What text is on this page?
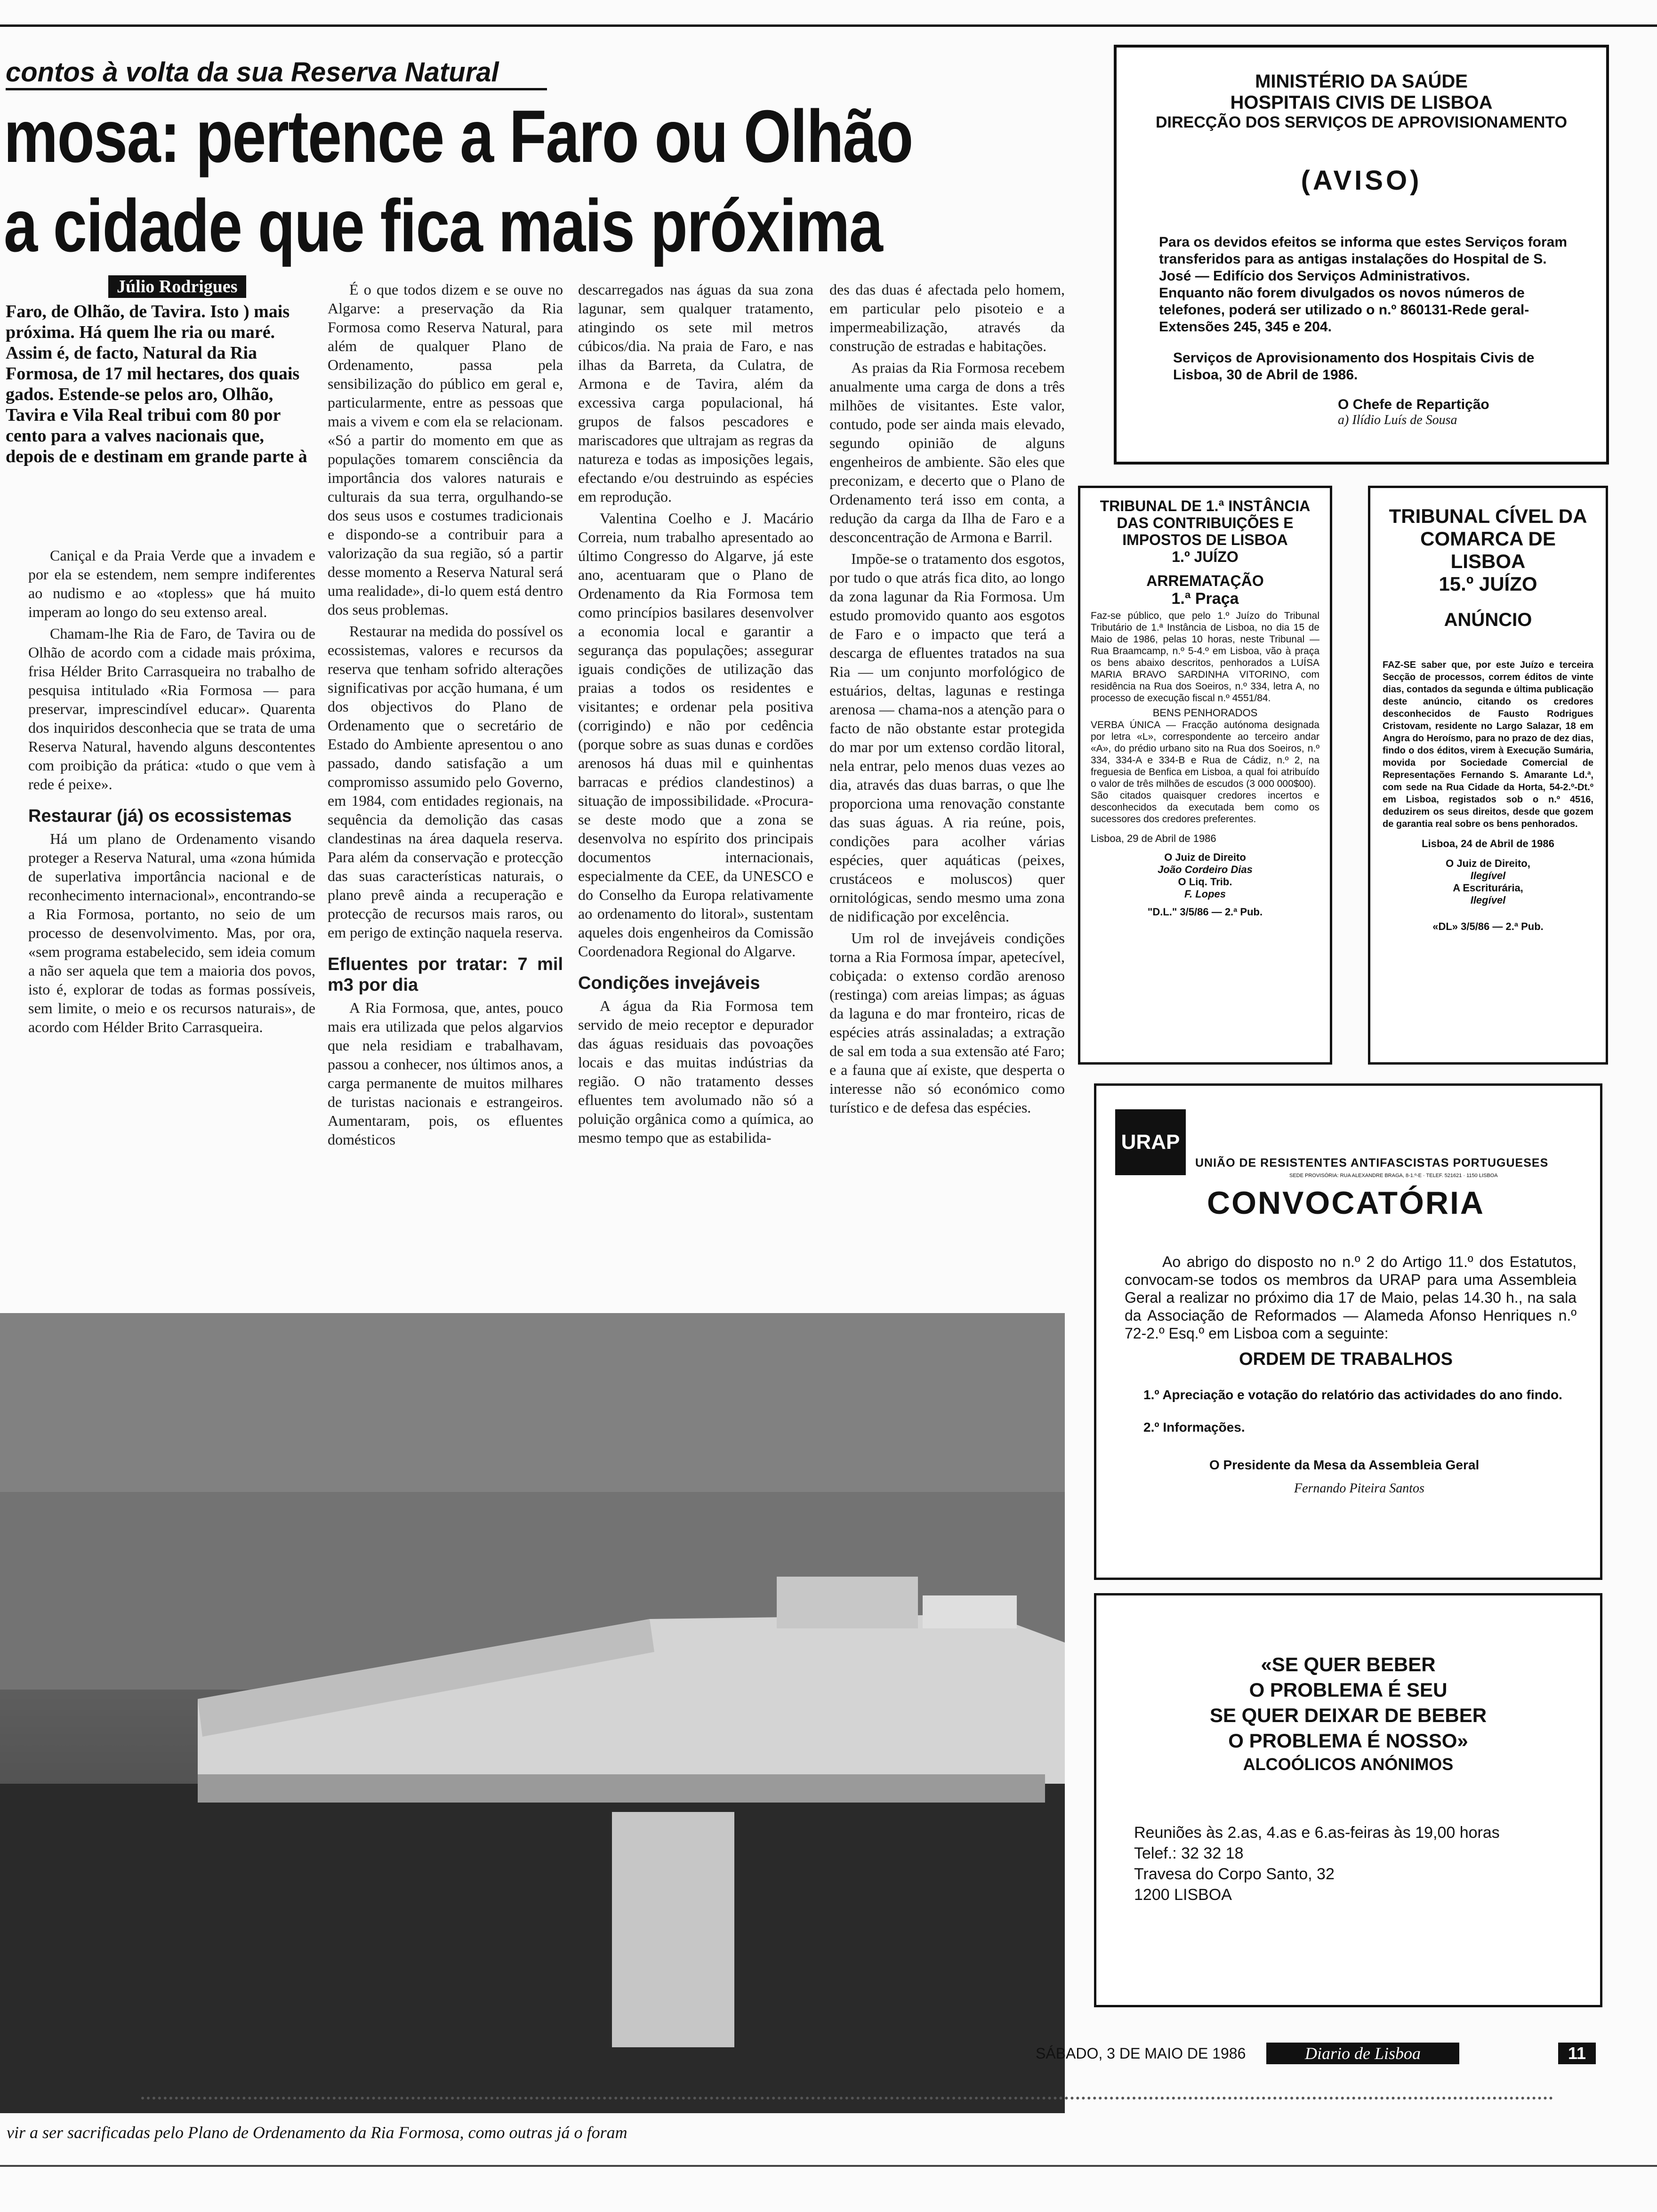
contos à volta da sua Reserva Natural
mosa: pertence a Faro ou Olhão
a cidade que fica mais próxima
Júlio Rodrigues
Faro, de Olhão, de Tavira. Isto ) mais próxima. Há quem lhe ria ou maré. Assim é, de facto, Natural da Ria Formosa, de 17 mil hectares, dos quais gados. Estende-se pelos aro, Olhão, Tavira e Vila Real tribui com 80 por cento para a valves nacionais que, depois de e destinam em grande parte à

Caniçal e da Praia Verde que a invadem e por ela se estendem, nem sempre indiferentes ao nudismo e ao «topless» que há muito imperam ao longo do seu extenso areal.

Chamam-lhe Ria de Faro, de Tavira ou de Olhão de acordo com a cidade mais próxima, frisa Hélder Brito Carrasqueira no trabalho de pesquisa intitulado «Ria Formosa — para preservar, imprescindível educar». Quarenta dos inquiridos desconhecia que se trata de uma Reserva Natural, havendo alguns descontentes com proibição da prática: «tudo o que vem à rede é peixe».

Restaurar (já) os ecossistemas

Há um plano de Ordenamento visando proteger a Reserva Natural, uma «zona húmida de superlativa importância nacional e de reconhecimento internacional», encontrando-se a Ria Formosa, portanto, no seio de um processo de desenvolvimento. Mas, por ora, «sem programa estabelecido, sem ideia comum a não ser aquela que tem a maioria dos povos, isto é, explorar de todas as formas possíveis, sem limite, o meio e os recursos naturais», de acordo com Hélder Brito Carrasqueira.

É o que todos dizem e se ouve no Algarve: a preservação da Ria Formosa como Reserva Natural, para além de qualquer Plano de Ordenamento, passa pela sensibilização do público em geral e, particularmente, entre as pessoas que mais a vivem e com ela se relacionam. «Só a partir do momento em que as populações tomarem consciência da importância dos valores naturais e culturais da sua terra, orgulhando-se dos seus usos e costumes tradicionais e dispondo-se a contribuir para a valorização da sua região, só a partir desse momento a Reserva Natural será uma realidade», di-lo quem está dentro dos seus problemas.

Restaurar na medida do possível os ecossistemas, valores e recursos da reserva que tenham sofrido alterações significativas por acção humana, é um dos objectivos do Plano de Ordenamento que o secretário de Estado do Ambiente apresentou o ano passado, dando satisfação a um compromisso assumido pelo Governo, em 1984, com entidades regionais, na sequência da demolição das casas clandestinas na área daquela reserva. Para além da conservação e protecção das suas características naturais, o plano prevê ainda a recuperação e protecção de recursos mais raros, ou em perigo de extinção naquela reserva.

Efluentes por tratar: 7 mil m3 por dia

A Ria Formosa, que, antes, pouco mais era utilizada que pelos algarvios que nela residiam e trabalhavam, passou a conhecer, nos últimos anos, a carga permanente de muitos milhares de turistas nacionais e estrangeiros. Aumentaram, pois, os efluentes domésticos

descarregados nas águas da sua zona lagunar, sem qualquer tratamento, atingindo os sete mil metros cúbicos/dia. Na praia de Faro, e nas ilhas da Barreta, da Culatra, de Armona e de Tavira, além da excessiva carga populacional, há grupos de falsos pescadores e mariscadores que ultrajam as regras da natureza e todas as imposições legais, efectando e/ou destruindo as espécies em reprodução.

Valentina Coelho e J. Macário Correia, num trabalho apresentado ao último Congresso do Algarve, já este ano, acentuaram que o Plano de Ordenamento da Ria Formosa tem como princípios basilares desenvolver a economia local e garantir a segurança das populações; assegurar iguais condições de utilização das praias a todos os residentes e visitantes; e ordenar pela positiva (corrigindo) e não por cedência (porque sobre as suas dunas e cordões arenosos há duas mil e quinhentas barracas e prédios clandestinos) a situação de impossibilidade. «Procura-se deste modo que a zona se desenvolva no espírito dos principais documentos internacionais, especialmente da CEE, da UNESCO e do Conselho da Europa relativamente ao ordenamento do litoral», sustentam aqueles dois engenheiros da Comissão Coordenadora Regional do Algarve.

Condições invejáveis

A água da Ria Formosa tem servido de meio receptor e depurador das águas residuais das povoações locais e das muitas indústrias da região. O não tratamento desses efluentes tem avolumado não só a poluição orgânica como a química, ao mesmo tempo que as estabilida-

des das duas é afectada pelo homem, em particular pelo pisoteio e a impermeabilização, através da construção de estradas e habitações.

As praias da Ria Formosa recebem anualmente uma carga de dons a três milhões de visitantes. Este valor, contudo, pode ser ainda mais elevado, segundo opinião de alguns engenheiros de ambiente. São eles que preconizam, e decerto que o Plano de Ordenamento terá isso em conta, a redução da carga da Ilha de Faro e a desconcentração de Armona e Barril.

Impõe-se o tratamento dos esgotos, por tudo o que atrás fica dito, ao longo da zona lagunar da Ria Formosa. Um estudo promovido quanto aos esgotos de Faro e o impacto que terá a descarga de efluentes tratados na sua Ria — um conjunto morfológico de estuários, deltas, lagunas e restinga arenosa — chama-nos a atenção para o facto de não obstante estar protegida do mar por um extenso cordão litoral, nela entrar, pelo menos duas vezes ao dia, através das duas barras, o que lhe proporciona uma renovação constante das suas águas. A ria reúne, pois, condições para acolher várias espécies, quer aquáticas (peixes, crustáceos e moluscos) quer ornitológicas, sendo mesmo uma zona de nidificação por excelência.

Um rol de invejáveis condições torna a Ria Formosa ímpar, apetecível, cobiçada: o extenso cordão arenoso (restinga) com areias limpas; as águas da laguna e do mar fronteiro, ricas de espécies atrás assinaladas; a extração de sal em toda a sua extensão até Faro; e a fauna que aí existe, que desperta o interesse não só económico como turístico e de defesa das espécies.

vir a ser sacrificadas pelo Plano de Ordenamento da Ria Formosa, como outras já o foram
MINISTÉRIO DA SAÚDE
HOSPITAIS CIVIS DE LISBOA
DIRECÇÃO DOS SERVIÇOS DE APROVISIONAMENTO
(AVISO)
Para os devidos efeitos se informa que estes Serviços foram transferidos para as antigas instalações do Hospital de S. José — Edifício dos Serviços Administrativos.
Enquanto não forem divulgados os novos números de telefones, poderá ser utilizado o n.º 860131-Rede geral-Extensões 245, 345 e 204.
Serviços de Aprovisionamento dos Hospitais Civis de Lisboa, 30 de Abril de 1986.
O Chefe de Repartição
a) Ilídio Luís de Sousa
TRIBUNAL DE 1.ª INSTÂNCIA DAS CONTRIBUIÇÕES E IMPOSTOS DE LISBOA
1.º JUÍZO
ARREMATAÇÃO
1.ª Praça
Faz-se público, que pelo 1.º Juízo do Tribunal Tributário de 1.ª Instância de Lisboa, no dia 15 de Maio de 1986, pelas 10 horas, neste Tribunal — Rua Braamcamp, n.º 5-4.º em Lisboa, vão à praça os bens abaixo descritos, penhorados a LUÍSA MARIA BRAVO SARDINHA VITORINO, com residência na Rua dos Soeiros, n.º 334, letra A, no processo de execução fiscal n.º 4551/84.
BENS PENHORADOS
VERBA ÚNICA — Fracção autónoma designada por letra «L», correspondente ao terceiro andar «A», do prédio urbano sito na Rua dos Soeiros, n.º 334, 334-A e 334-B e Rua de Cádiz, n.º 2, na freguesia de Benfica em Lisboa, a qual foi atribuído o valor de três milhões de escudos (3 000 000$00).
São citados quaisquer credores incertos e desconhecidos da executada bem como os sucessores dos credores preferentes.
Lisboa, 29 de Abril de 1986
O Juiz de Direito
João Cordeiro Dias
O Liq. Trib.
F. Lopes
"D.L." 3/5/86 — 2.ª Pub.
TRIBUNAL CÍVEL DA COMARCA DE LISBOA
15.º JUÍZO
ANÚNCIO
FAZ-SE saber que, por este Juízo e terceira Secção de processos, correm éditos de vinte dias, contados da segunda e última publicação deste anúncio, citando os credores desconhecidos de Fausto Rodrigues Cristovam, residente no Largo Salazar, 18 em Angra do Heroísmo, para no prazo de dez dias, findo o dos éditos, virem à Execução Sumária, movida por Sociedade Comercial de Representações Fernando S. Amarante Ld.ª, com sede na Rua Cidade da Horta, 54-2.º-Dt.º em Lisboa, registados sob o n.º 4516, deduzirem os seus direitos, desde que gozem de garantia real sobre os bens penhorados.
Lisboa, 24 de Abril de 1986
O Juiz de Direito,
Ilegível
A Escriturária,
Ilegível
«DL» 3/5/86 — 2.ª Pub.
URAP
UNIÃO DE RESISTENTES ANTIFASCISTAS PORTUGUESES
SEDE PROVISÓRIA: RUA ALEXANDRE BRAGA, 8-1.º-E · TELEF. 521621 · 1150 LISBOA
CONVOCATÓRIA
Ao abrigo do disposto no n.º 2 do Artigo 11.º dos Estatutos, convocam-se todos os membros da URAP para uma Assembleia Geral a realizar no próximo dia 17 de Maio, pelas 14.30 h., na sala da Associação de Reformados — Alameda Afonso Henriques n.º 72-2.º Esq.º em Lisboa com a seguinte:
ORDEM DE TRABALHOS
1.º Apreciação e votação do relatório das actividades do ano findo.
2.º Informações.
O Presidente da Mesa da Assembleia Geral
Fernando Piteira Santos
«SE QUER BEBER
O PROBLEMA É SEU
SE QUER DEIXAR DE BEBER
O PROBLEMA É NOSSO»
ALCOÓLICOS ANÓNIMOS
Reuniões às 2.as, 4.as e 6.as-feiras às 19,00 horas
Telef.: 32 32 18
Travesa do Corpo Santo, 32
1200 LISBOA
SÁBADO, 3 DE MAIO DE 1986	Diario de Lisboa	11
